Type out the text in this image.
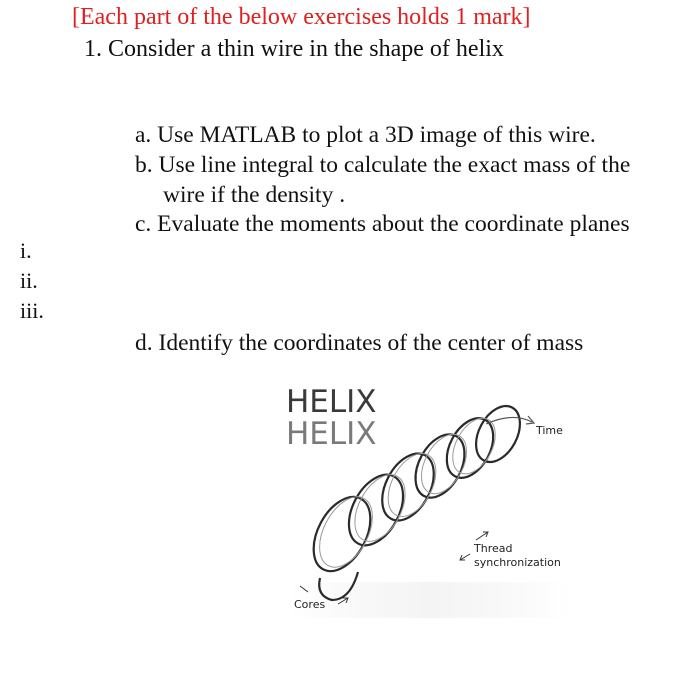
[Each part of the below exercises holds 1 mark]
1. Consider a thin wire in the shape of helix
a. Use MATLAB to plot a 3D image of this wire.
b. Use line integral to calculate the exact mass of the
wire if the density .
c. Evaluate the moments about the coordinate planes
i.
ii.
iii.
d. Identify the coordinates of the center of mass
HELIX
HELIX	Time
Thread
synchronization
Cores
